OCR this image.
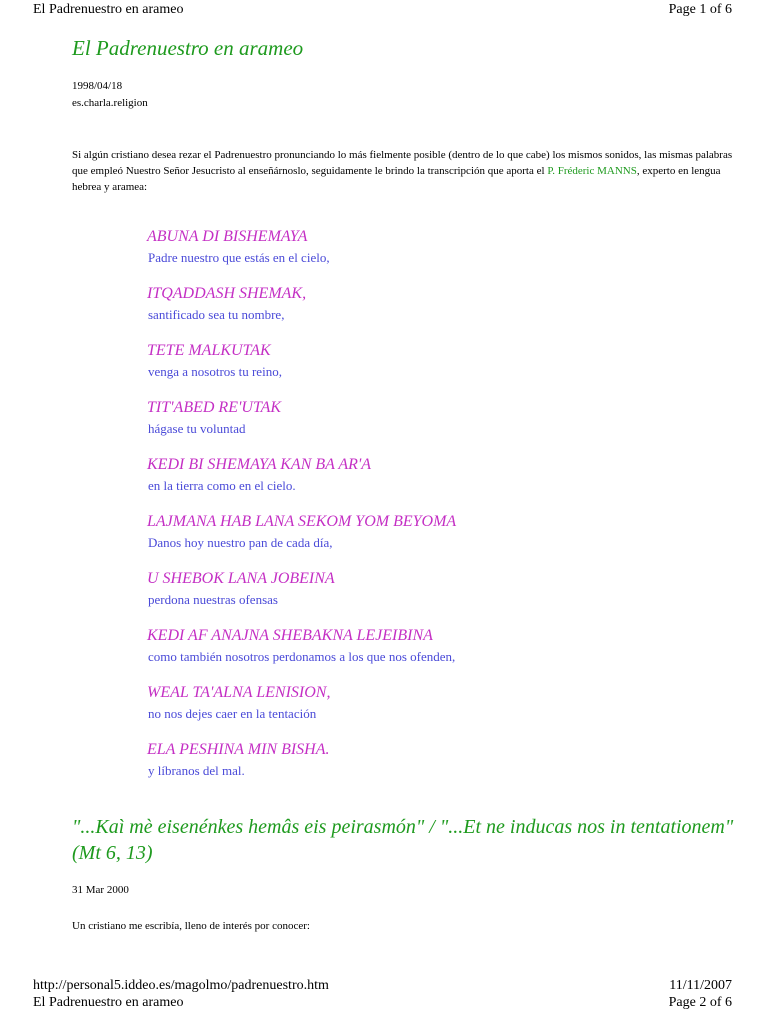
El Padrenuestro en arameo	Page 1 of 6
El Padrenuestro en arameo
1998/04/18
es.charla.religion
Si algún cristiano desea rezar el Padrenuestro pronunciando lo más fielmente posible (dentro de lo que cabe) los mismos sonidos, las mismas palabras que empleó Nuestro Señor Jesucristo al enseñárnoslo, seguidamente le brindo la transcripción que aporta el P. Fréderic MANNS, experto en lengua hebrea y aramea:
ABUNA DI BISHEMAYA
Padre nuestro que estás en el cielo,
ITQADDASH SHEMAK,
santificado sea tu nombre,
TETE MALKUTAK
venga a nosotros tu reino,
TIT'ABED RE'UTAK
hágase tu voluntad
KEDI BI SHEMAYA KAN BA AR'A
en la tierra como en el cielo.
LAJMANA HAB LANA SEKOM YOM BEYOMA
Danos hoy nuestro pan de cada día,
U SHEBOK LANA JOBEINA
perdona nuestras ofensas
KEDI AF ANAJNA SHEBAKNA LEJEIBINA
como también nosotros perdonamos a los que nos ofenden,
WEAL TA'ALNA LENISION,
no nos dejes caer en la tentación
ELA PESHINA MIN BISHA.
y líbranos del mal.
"...Kaì mè eisenénkes hemâs eis peirasmón" / "...Et ne inducas nos in tentationem" (Mt 6, 13)
31 Mar 2000
Un cristiano me escribía, lleno de interés por conocer:
http://personal5.iddeo.es/magolmo/padrenuestro.htm	11/11/2007
El Padrenuestro en arameo	Page 2 of 6
